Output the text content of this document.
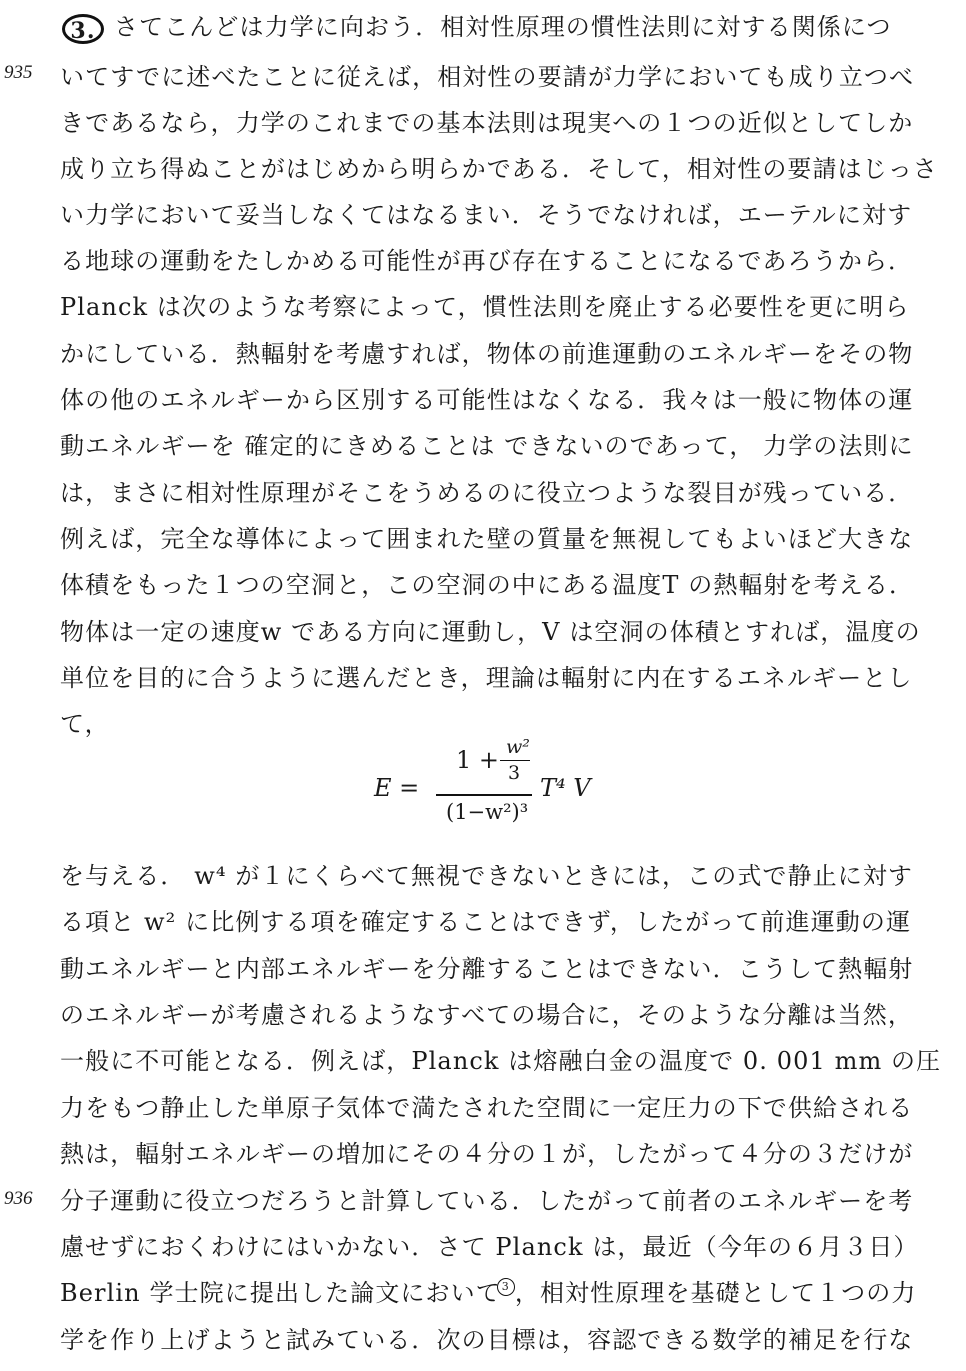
935
936
3. さてこんどは力学に向おう．相対性原理の慣性法則に対する関係につ
いてすでに述べたことに従えば，相対性の要請が力学においても成り立つべ
きであるなら，力学のこれまでの基本法則は現実への１つの近似としてしか
成り立ち得ぬことがはじめから明らかである．そして，相対性の要請はじっさ
い力学において妥当しなくてはなるまい．そうでなければ，エーテルに対す
る地球の運動をたしかめる可能性が再び存在することになるであろうから．
Planck は次のような考察によって，慣性法則を廃止する必要性を更に明ら
かにしている．熱輻射を考慮すれば，物体の前進運動のエネルギーをその物
体の他のエネルギーから区別する可能性はなくなる．我々は一般に物体の運
動エネルギーを 確定的にきめることは できないのであって， 力学の法則に
は，まさに相対性原理がそこをうめるのに役立つような裂目が残っている．
例えば，完全な導体によって囲まれた壁の質量を無視してもよいほど大きな
体積をもった１つの空洞と，この空洞の中にある温度T の熱輻射を考える．
物体は一定の速度w である方向に運動し，V は空洞の体積とすれば，温度の
単位を目的に合うように選んだとき，理論は輻射に内在するエネルギーとし
て，
E =
1 + w²
3
(1−w²)³
T⁴ V
を与える． w⁴ が１にくらべて無視できないときには，この式で静止に対す
る項と w² に比例する項を確定することはできず，したがって前進運動の運
動エネルギーと内部エネルギーを分離することはできない．こうして熱輻射
のエネルギーが考慮されるようなすべての場合に，そのような分離は当然，
一般に不可能となる．例えば，Planck は熔融白金の温度で 0. 001 mm の圧
力をもつ静止した単原子気体で満たされた空間に一定圧力の下で供給される
熱は，輻射エネルギーの増加にその４分の１が，したがって４分の３だけが
分子運動に役立つだろうと計算している．したがって前者のエネルギーを考
慮せずにおくわけにはいかない．さて Planck は，最近（今年の６月３日）
Berlin 学士院に提出した論文において3 ，相対性原理を基礎として１つの力
学を作り上げようと試みている．次の目標は，容認できる数学的補足を行な
